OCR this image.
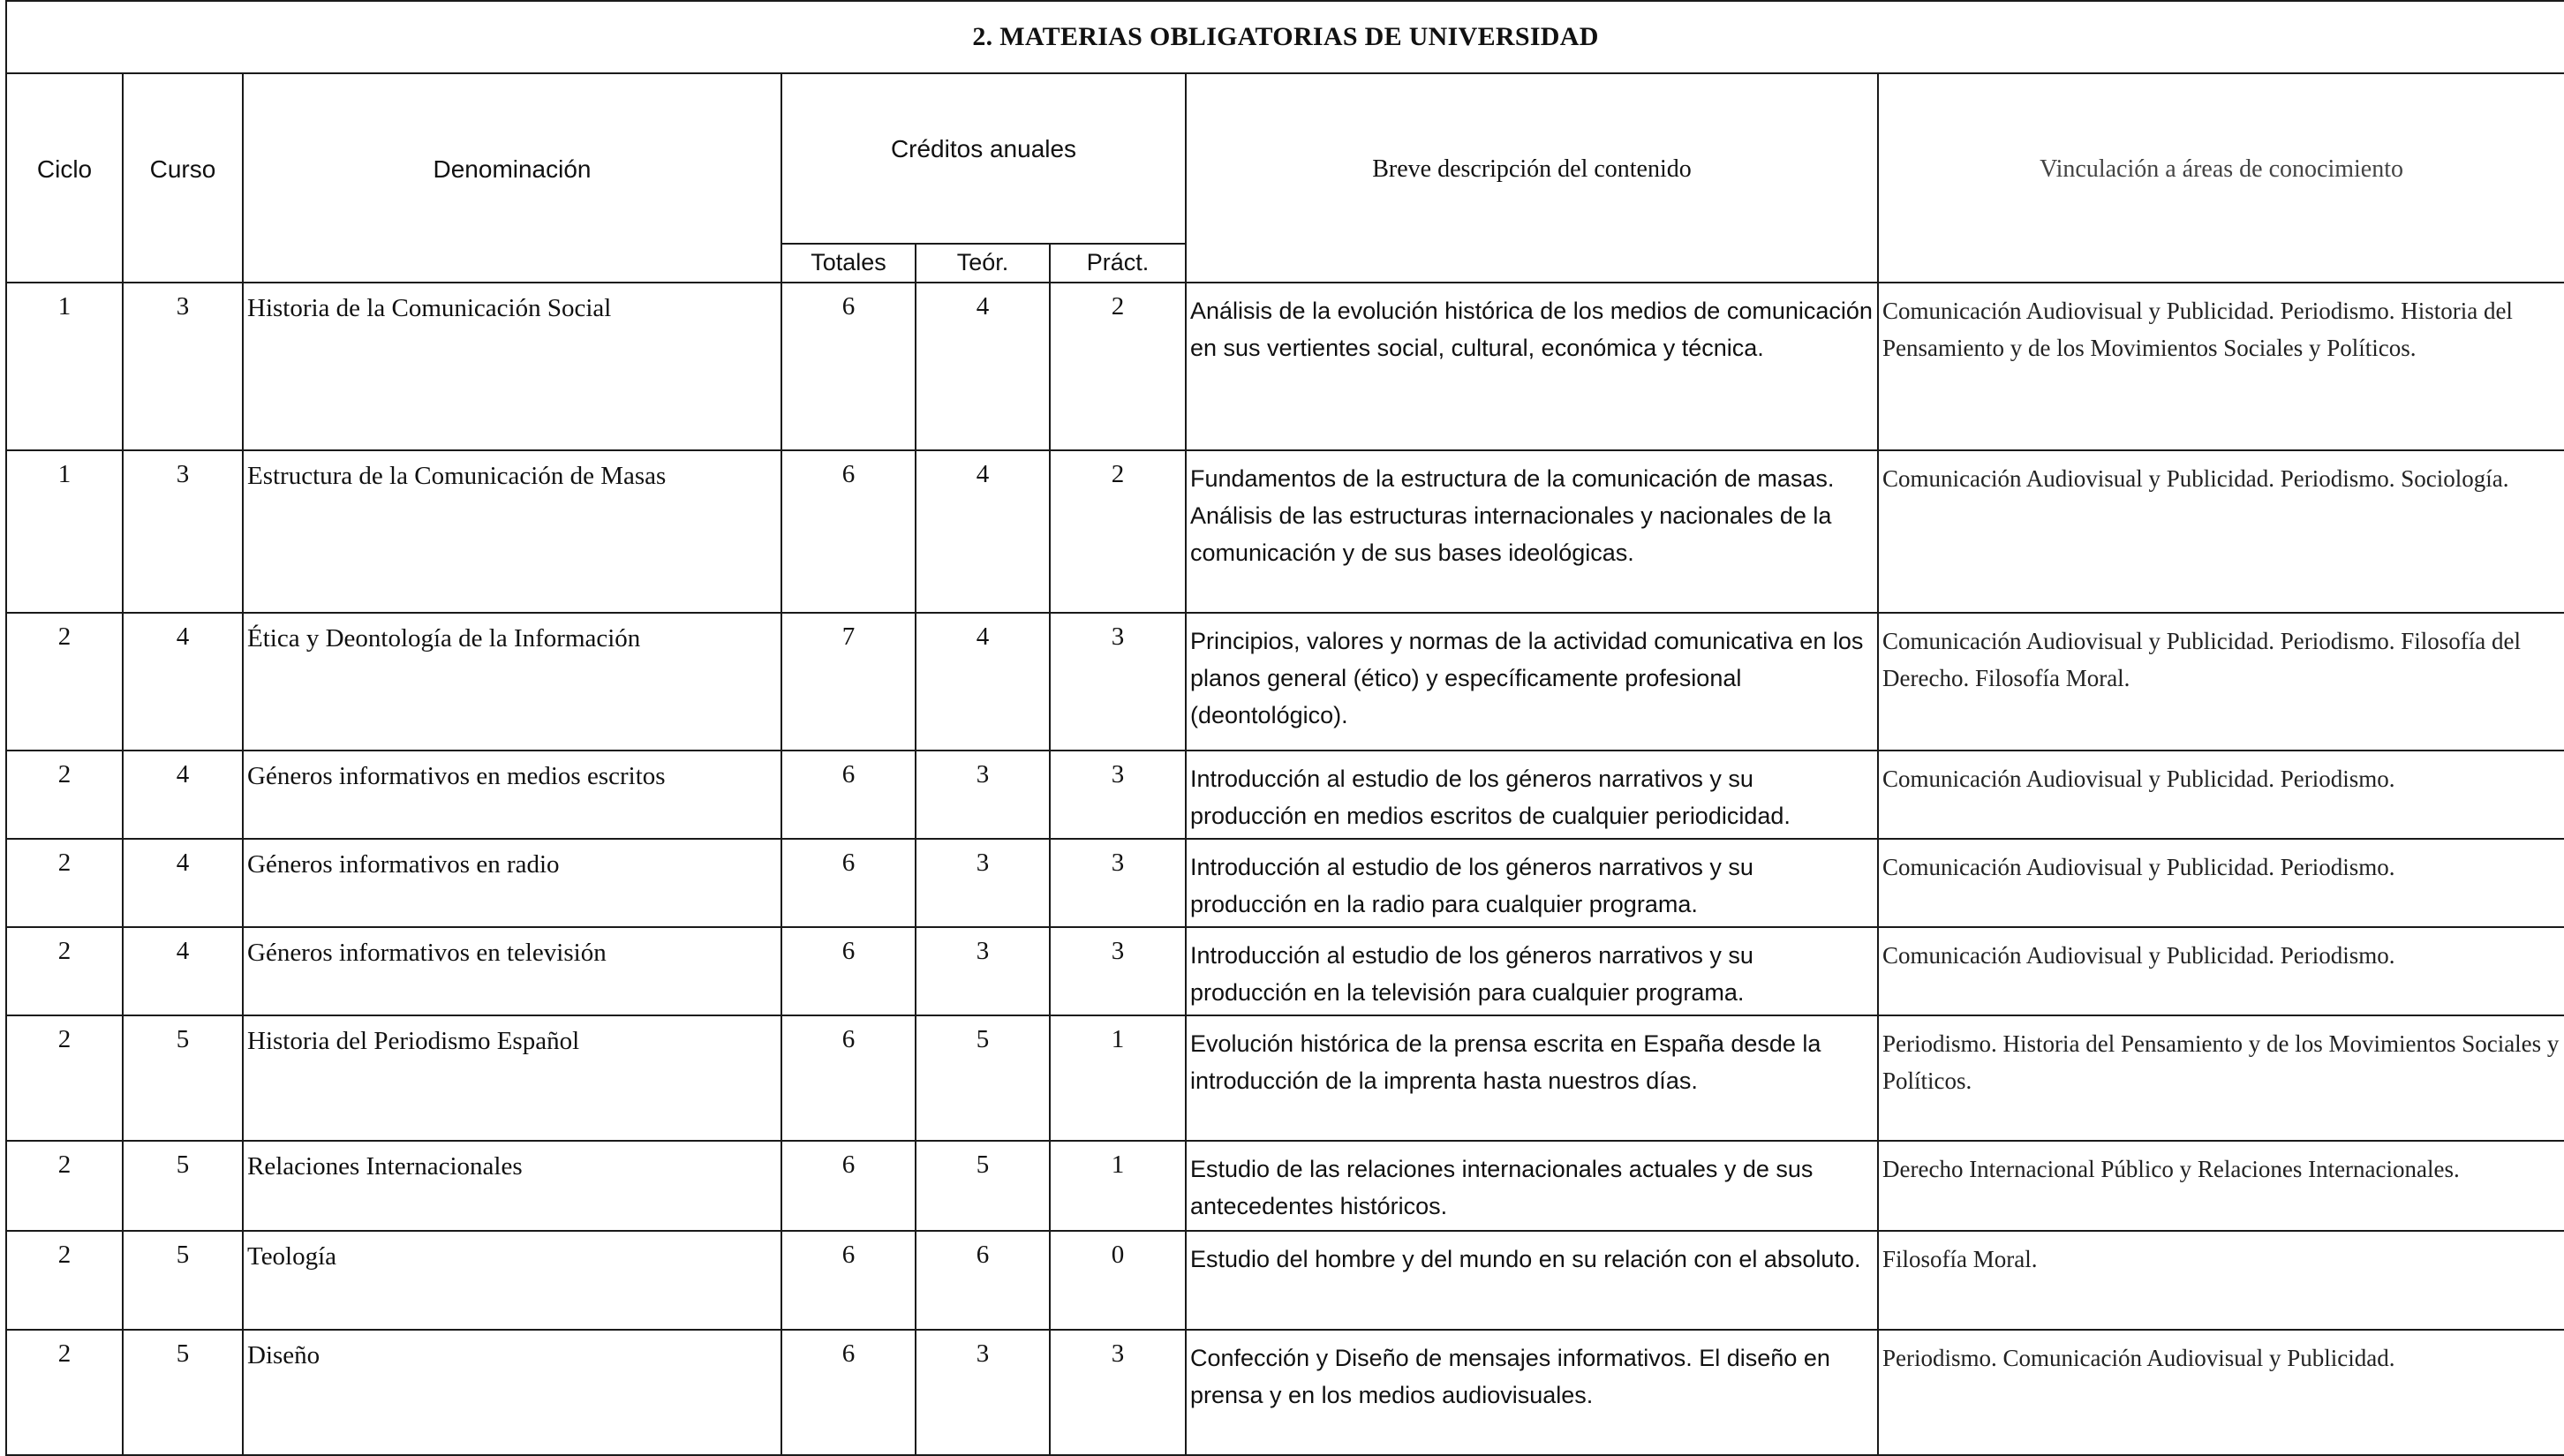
2. MATERIAS OBLIGATORIAS DE UNIVERSIDAD							
Ciclo	Curso	Denominación	Créditos anuales			Breve descripción del contenido	Vinculación a áreas de conocimiento
			Totales	Teór.	Práct.		
1	3	Historia de la Comunicación Social	6	4	2	Análisis de la evolución histórica de los medios de comunicación en sus vertientes social, cultural, económica y técnica.	Comunicación Audiovisual y Publicidad. Periodismo. Historia del Pensamiento y de los Movimientos Sociales y Políticos.
1	3	Estructura de la Comunicación de Masas	6	4	2	Fundamentos de la estructura de la comunicación de masas. Análisis de las estructuras internacionales y nacionales de la comunicación y de sus bases ideológicas.	Comunicación Audiovisual y Publicidad. Periodismo. Sociología.
2	4	Ética y Deontología de la Información	7	4	3	Principios, valores y normas de la actividad comunicativa en los planos general (ético) y específicamente profesional (deontológico).	Comunicación Audiovisual y Publicidad. Periodismo. Filosofía del Derecho. Filosofía Moral.
2	4	Géneros informativos en medios escritos	6	3	3	Introducción al estudio de los géneros narrativos y su producción en medios escritos de cualquier periodicidad.	Comunicación Audiovisual y Publicidad. Periodismo.
2	4	Géneros informativos en radio	6	3	3	Introducción al estudio de los géneros narrativos y su producción en la radio para cualquier programa.	Comunicación Audiovisual y Publicidad. Periodismo.
2	4	Géneros informativos en televisión	6	3	3	Introducción al estudio de los géneros narrativos y su producción en la televisión para cualquier programa.	Comunicación Audiovisual y Publicidad. Periodismo.
2	5	Historia del Periodismo Español	6	5	1	Evolución histórica de la prensa escrita en España desde la introducción de la imprenta hasta nuestros días.	Periodismo. Historia del Pensamiento y de los Movimientos Sociales y Políticos.
2	5	Relaciones Internacionales	6	5	1	Estudio de las relaciones internacionales actuales y de sus antecedentes históricos.	Derecho Internacional Público y Relaciones Internacionales.
2	5	Teología	6	6	0	Estudio del hombre y del mundo en su relación con el absoluto.	Filosofía Moral.
2	5	Diseño	6	3	3	Confección y Diseño de mensajes informativos. El diseño en prensa y en los medios audiovisuales.	Periodismo. Comunicación Audiovisual y Publicidad.
